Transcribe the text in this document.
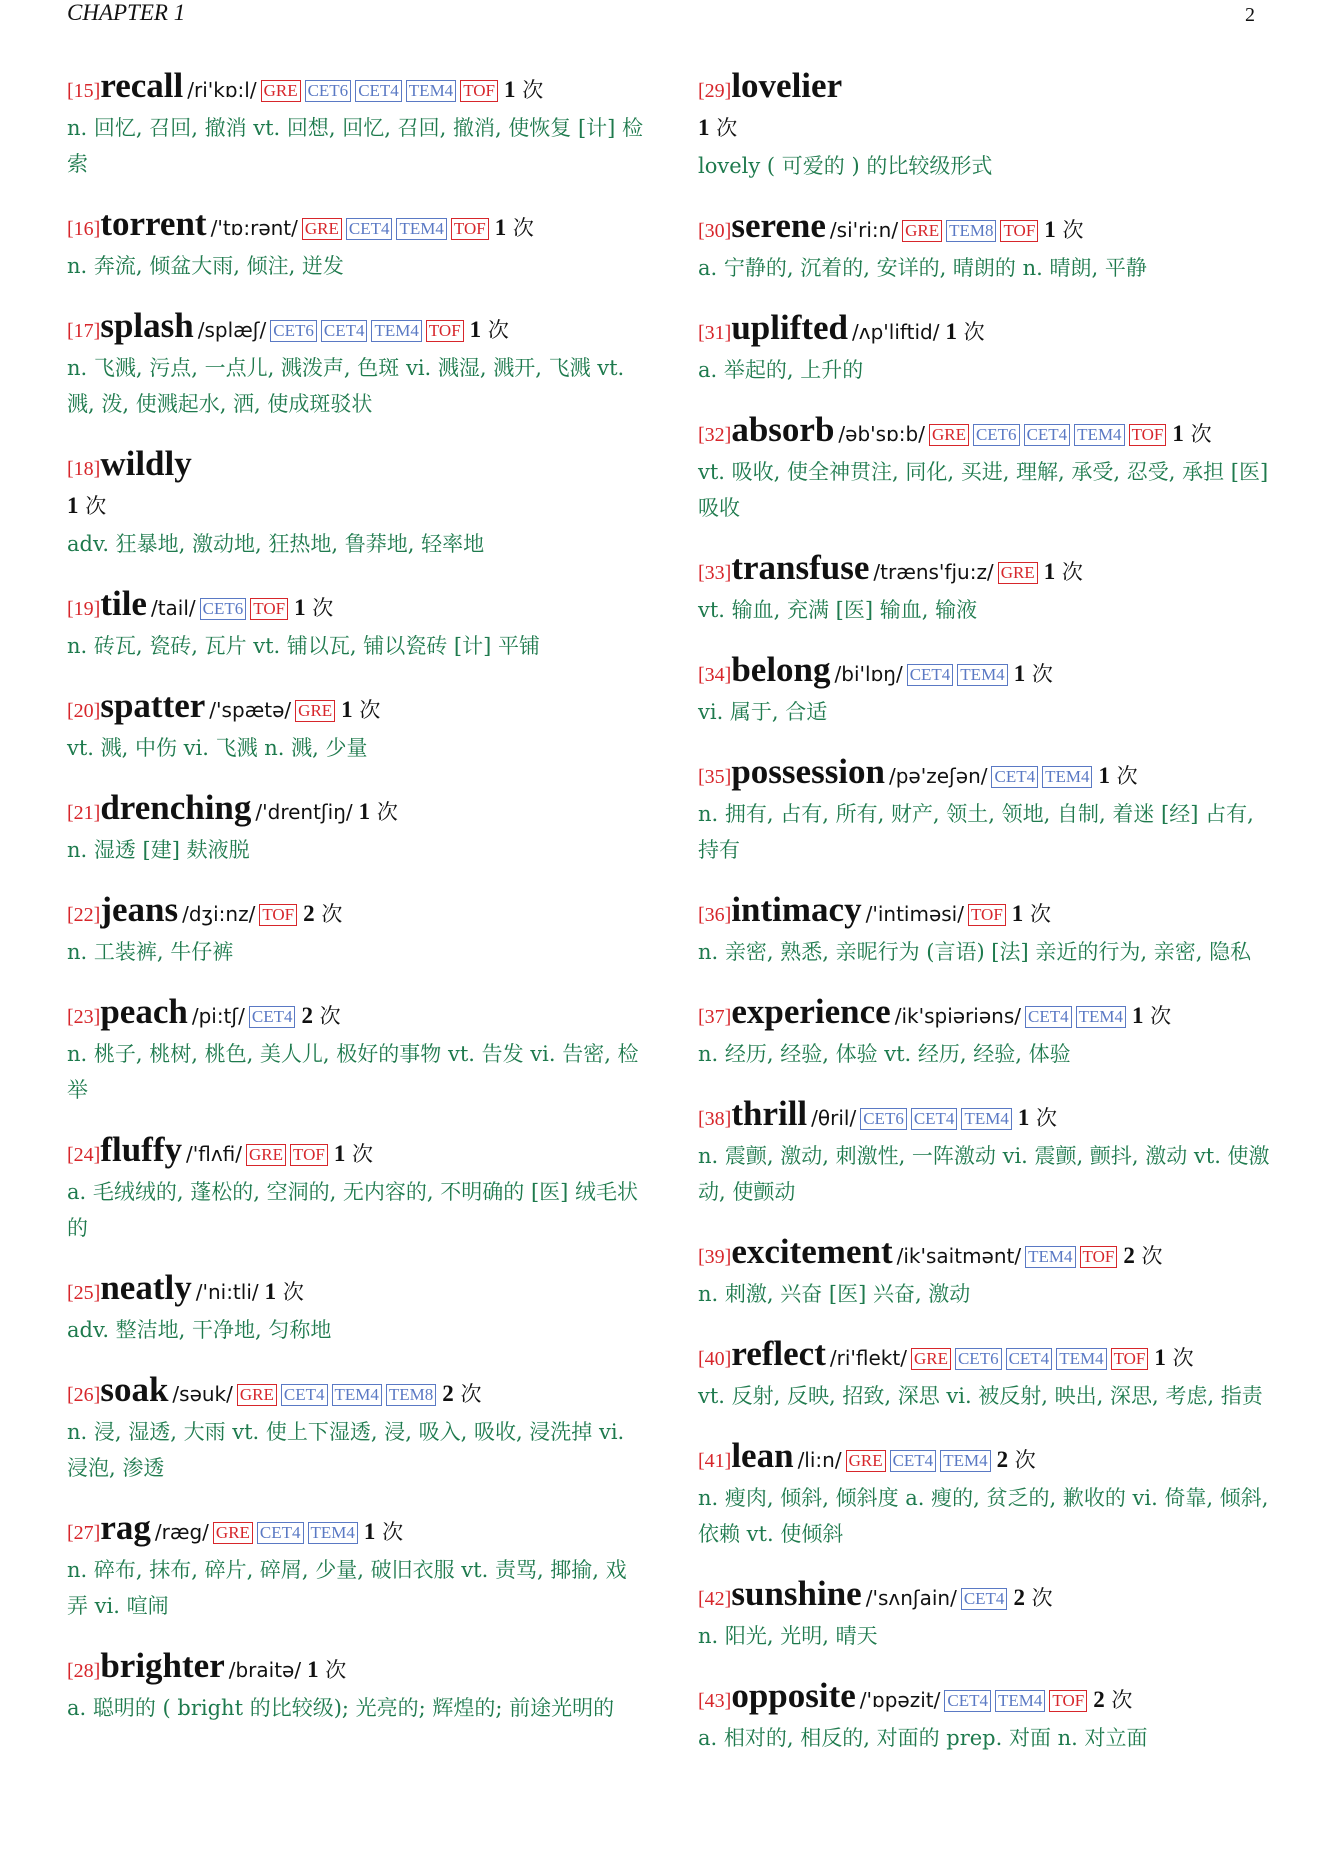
CHAPTER 1	2
[15]recall /ri'kɒ:l/ GRE CET6 CET4 TEM4 TOF 1 次
n. 回忆, 召回, 撤消 vt. 回想, 回忆, 召回, 撤消, 使恢复 [计] 检索
[16]torrent /'tɒ:rənt/ GRE CET4 TEM4 TOF 1 次
n. 奔流, 倾盆大雨, 倾注, 迸发
[17]splash /splæʃ/ CET6 CET4 TEM4 TOF 1 次
n. 飞溅, 污点, 一点儿, 溅泼声, 色斑 vi. 溅湿, 溅开, 飞溅 vt. 溅, 泼, 使溅起水, 洒, 使成斑驳状
[18]wildly
1 次
adv. 狂暴地, 激动地, 狂热地, 鲁莽地, 轻率地
[19]tile /tail/ CET6 TOF 1 次
n. 砖瓦, 瓷砖, 瓦片 vt. 铺以瓦, 铺以瓷砖 [计] 平铺
[20]spatter /'spætə/ GRE 1 次
vt. 溅, 中伤 vi. 飞溅 n. 溅, 少量
[21]drenching /'drentʃiŋ/ 1 次
n. 湿透 [建] 麸液脱
[22]jeans /dʒi:nz/ TOF 2 次
n. 工装裤, 牛仔裤
[23]peach /pi:tʃ/ CET4 2 次
n. 桃子, 桃树, 桃色, 美人儿, 极好的事物 vt. 告发 vi. 告密, 检举
[24]fluffy /'flʌfi/ GRE TOF 1 次
a. 毛绒绒的, 蓬松的, 空洞的, 无内容的, 不明确的 [医] 绒毛状的
[25]neatly /'ni:tli/ 1 次
adv. 整洁地, 干净地, 匀称地
[26]soak /səuk/ GRE CET4 TEM4 TEM8 2 次
n. 浸, 湿透, 大雨 vt. 使上下湿透, 浸, 吸入, 吸收, 浸洗掉 vi. 浸泡, 渗透
[27]rag /ræg/ GRE CET4 TEM4 1 次
n. 碎布, 抹布, 碎片, 碎屑, 少量, 破旧衣服 vt. 责骂, 揶揄, 戏弄 vi. 喧闹
[28]brighter /braitə/ 1 次
a. 聪明的 ( bright 的比较级); 光亮的; 辉煌的; 前途光明的
[29]lovelier
1 次
lovely ( 可爱的 ) 的比较级形式
[30]serene /si'ri:n/ GRE TEM8 TOF 1 次
a. 宁静的, 沉着的, 安详的, 晴朗的 n. 晴朗, 平静
[31]uplifted /ʌp'liftid/ 1 次
a. 举起的, 上升的
[32]absorb /əb'sɒ:b/ GRE CET6 CET4 TEM4 TOF 1 次
vt. 吸收, 使全神贯注, 同化, 买进, 理解, 承受, 忍受, 承担 [医] 吸收
[33]transfuse /træns'fju:z/ GRE 1 次
vt. 输血, 充满 [医] 输血, 输液
[34]belong /bi'lɒŋ/ CET4 TEM4 1 次
vi. 属于, 合适
[35]possession /pə'zeʃən/ CET4 TEM4 1 次
n. 拥有, 占有, 所有, 财产, 领土, 领地, 自制, 着迷 [经] 占有, 持有
[36]intimacy /'intiməsi/ TOF 1 次
n. 亲密, 熟悉, 亲昵行为 (言语) [法] 亲近的行为, 亲密, 隐私
[37]experience /ik'spiəriəns/ CET4 TEM4 1 次
n. 经历, 经验, 体验 vt. 经历, 经验, 体验
[38]thrill /θril/ CET6 CET4 TEM4 1 次
n. 震颤, 激动, 刺激性, 一阵激动 vi. 震颤, 颤抖, 激动 vt. 使激动, 使颤动
[39]excitement /ik'saitmənt/ TEM4 TOF 2 次
n. 刺激, 兴奋 [医] 兴奋, 激动
[40]reflect /ri'flekt/ GRE CET6 CET4 TEM4 TOF 1 次
vt. 反射, 反映, 招致, 深思 vi. 被反射, 映出, 深思, 考虑, 指责
[41]lean /li:n/ GRE CET4 TEM4 2 次
n. 瘦肉, 倾斜, 倾斜度 a. 瘦的, 贫乏的, 歉收的 vi. 倚靠, 倾斜, 依赖 vt. 使倾斜
[42]sunshine /'sʌnʃain/ CET4 2 次
n. 阳光, 光明, 晴天
[43]opposite /'ɒpəzit/ CET4 TEM4 TOF 2 次
a. 相对的, 相反的, 对面的 prep. 对面 n. 对立面
